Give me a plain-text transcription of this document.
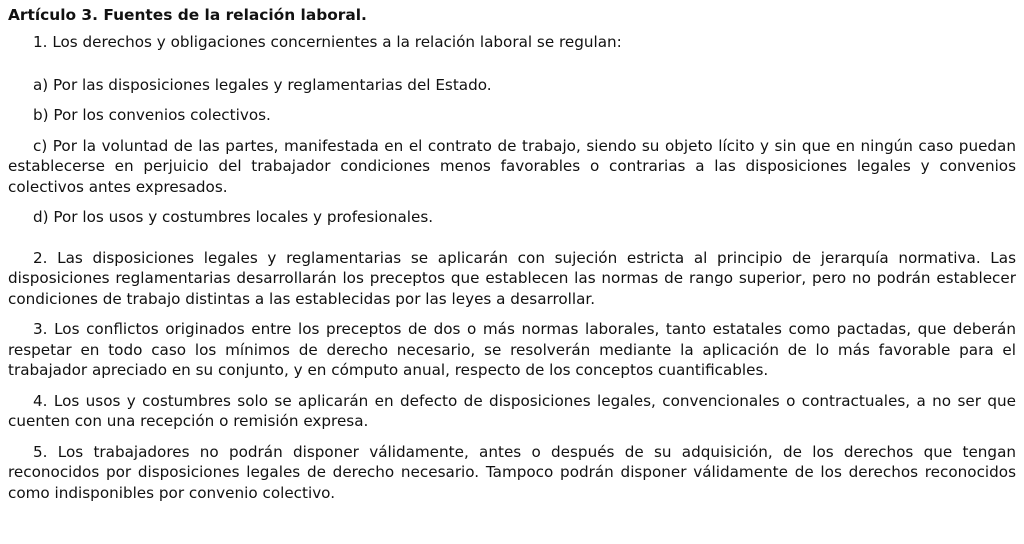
Artículo 3. Fuentes de la relación laboral.

1. Los derechos y obligaciones concernientes a la relación laboral se regulan:

a) Por las disposiciones legales y reglamentarias del Estado.

b) Por los convenios colectivos.

c) Por la voluntad de las partes, manifestada en el contrato de trabajo, siendo su objeto lícito y sin que en ningún caso puedan establecerse en perjuicio del trabajador condiciones menos favorables o contrarias a las disposiciones legales y convenios colectivos antes expresados.

d) Por los usos y costumbres locales y profesionales.

2. Las disposiciones legales y reglamentarias se aplicarán con sujeción estricta al principio de jerarquía normativa. Las disposiciones reglamentarias desarrollarán los preceptos que establecen las normas de rango superior, pero no podrán establecer condiciones de trabajo distintas a las establecidas por las leyes a desarrollar.

3. Los conflictos originados entre los preceptos de dos o más normas laborales, tanto estatales como pactadas, que deberán respetar en todo caso los mínimos de derecho necesario, se resolverán mediante la aplicación de lo más favorable para el trabajador apreciado en su conjunto, y en cómputo anual, respecto de los conceptos cuantificables.

4. Los usos y costumbres solo se aplicarán en defecto de disposiciones legales, convencionales o contractuales, a no ser que cuenten con una recepción o remisión expresa.

5. Los trabajadores no podrán disponer válidamente, antes o después de su adquisición, de los derechos que tengan reconocidos por disposiciones legales de derecho necesario. Tampoco podrán disponer válidamente de los derechos reconocidos como indisponibles por convenio colectivo.
